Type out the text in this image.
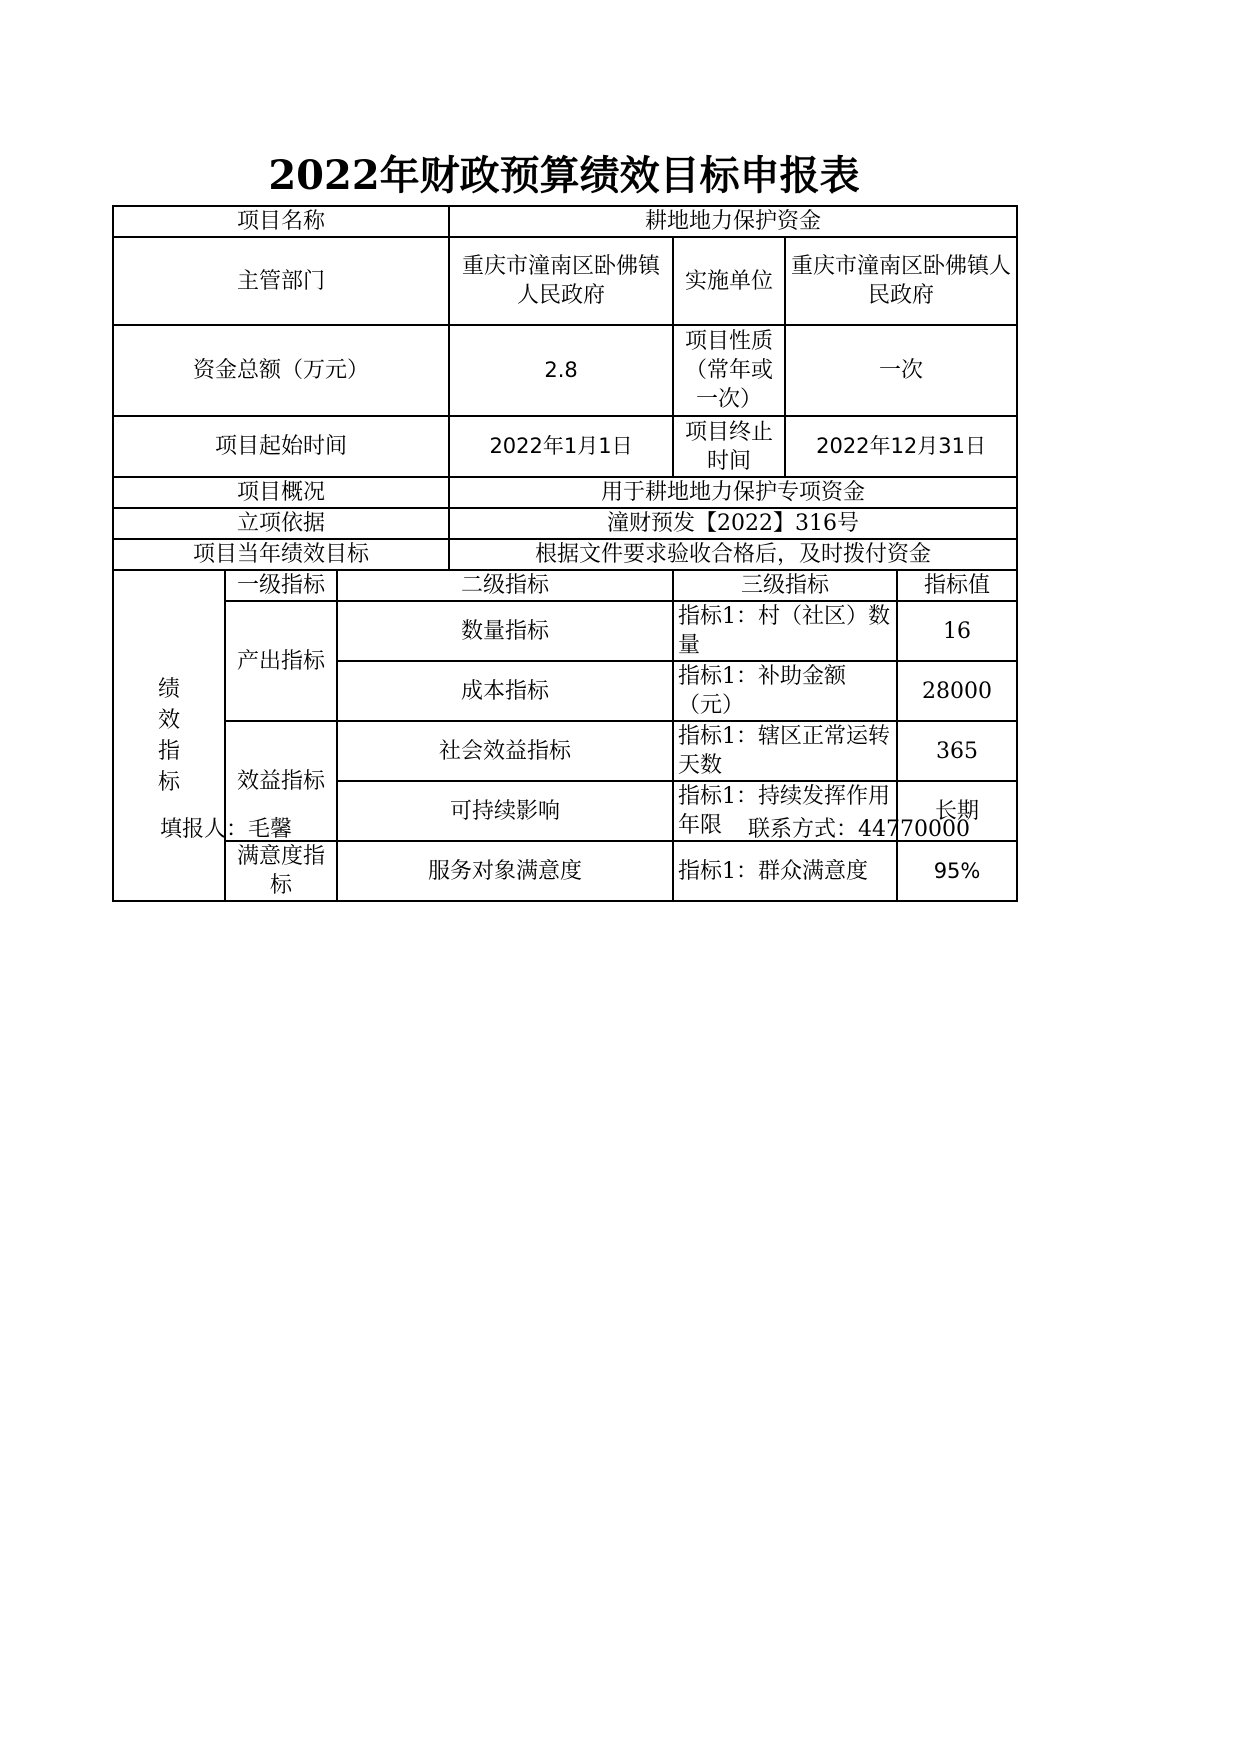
2022年财政预算绩效目标申报表
项目名称			耕地地力保护资金			
主管部门			重庆市潼南区卧佛镇人民政府	实施单位	重庆市潼南区卧佛镇人民政府	
资金总额（万元）			2.8	项目性质（常年或一次）	一次	
项目起始时间			2022年1月1日	项目终止时间	2022年12月31日	
项目概况			用于耕地地力保护专项资金			
立项依据			潼财预发【2022】316号			
项目当年绩效目标			根据文件要求验收合格后，及时拨付资金			

绩
效
指
标	一级指标	二级指标		三级指标		指标值
	产出指标	数量指标		指标1：村（社区）数量		16
		成本指标		指标1：补助金额（元）		28000
	效益指标	社会效益指标		指标1：辖区正常运转天数		365
		可持续影响		指标1：持续发挥作用年限		长期
	满意度指标	服务对象满意度		指标1：群众满意度		95%
填报人：毛馨	联系方式：44770000
